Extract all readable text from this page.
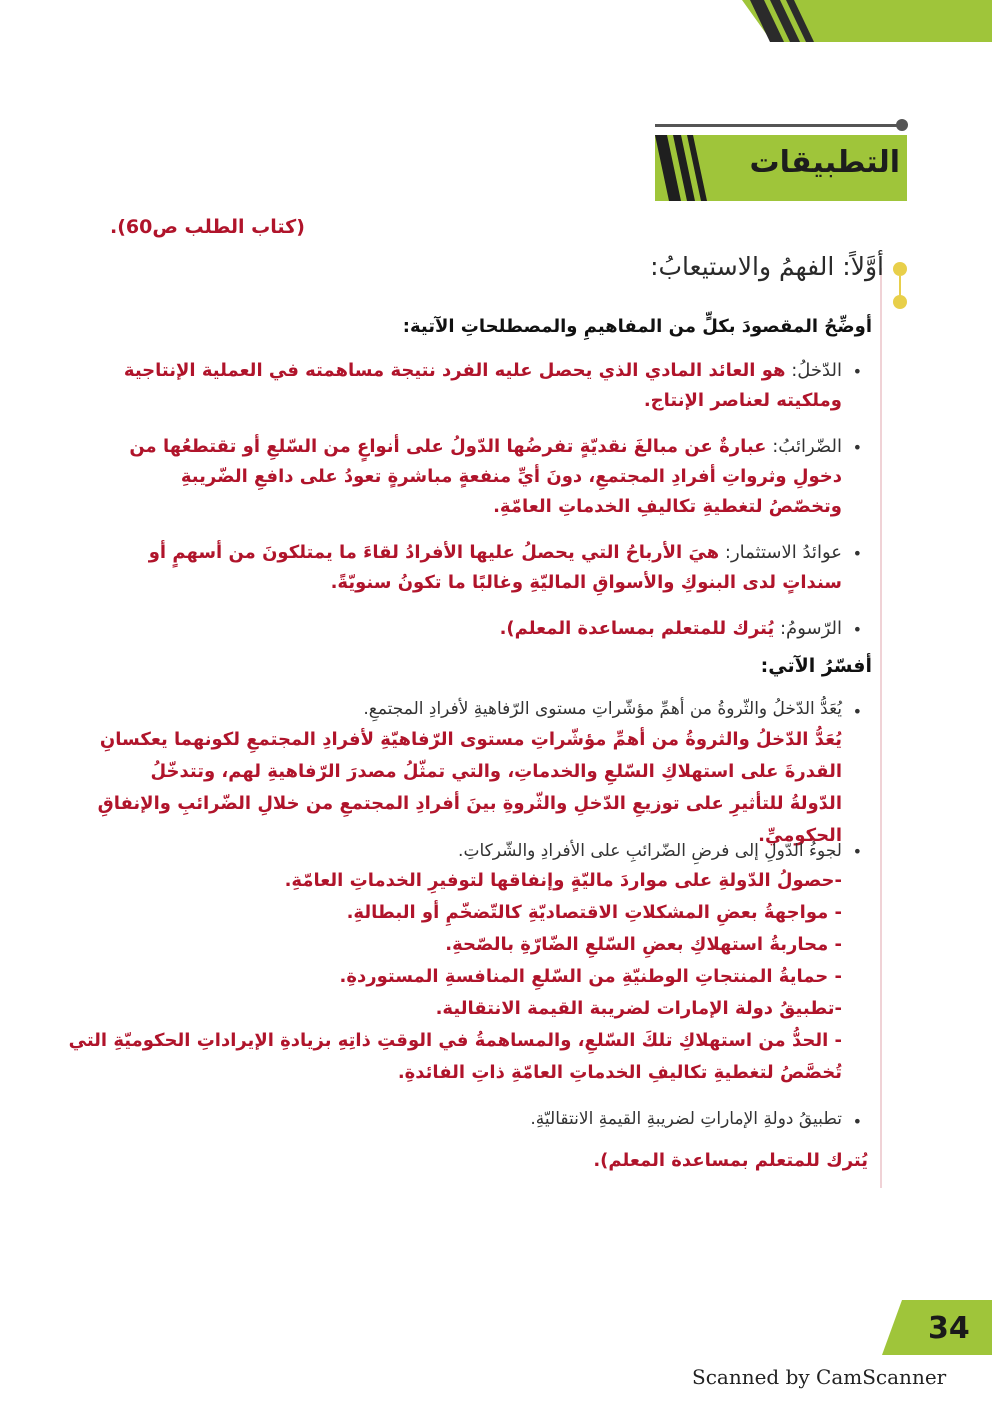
التطبيقات
(كتاب الطلب ص60).
أوَّلاً: الفهمُ والاستيعابُ:
أوضِّحُ المقصودَ بكلٍّ من المفاهيمِ والمصطلحاتِ الآتية:
•
الدّخلُ: هو العائد المادي الذي يحصل عليه الفرد نتيجة مساهمته في العملية الإنتاجية وملكيته لعناصر الإنتاج.
•
الضّرائبُ: عبارةٌ عن مبالغَ نقديّةٍ تفرضُها الدّولُ على أنواعٍ من السّلعِ أو تقتطعُها من دخولِ وثرواتِ أفرادِ المجتمعِ، دونَ أيِّ منفعةٍ مباشرةٍ تعودُ على دافعِ الضّريبةِ وتخصّصُ لتغطيةِ تكاليفِ الخدماتِ العامّةِ.
•
عوائدُ الاستثمار: هيَ الأرباحُ التي يحصلُ عليها الأفرادُ لقاءَ ما يمتلكونَ من أسهمٍ أو سنداتٍ لدى البنوكِ والأسواقِ الماليّةِ وغالبًا ما تكونُ سنويّةً.
•
الرّسومُ: يُترك للمتعلم بمساعدة المعلم).
أفسّرُ الآتي:
•
يُعَدُّ الدّخلُ والثّروةُ من أهمِّ مؤشّراتِ مستوى الرّفاهيةِ لأفرادِ المجتمعِ.
يُعَدُّ الدّخلُ والثروةُ من أهمِّ مؤشّراتِ مستوى الرّفاهيّةِ لأفرادِ المجتمعِ لكونهما يعكسانِ القدرةَ على استهلاكِ السّلعِ والخدماتِ، والتي تمثّلُ مصدرَ الرّفاهيةِ لهم، وتتدخّلُ الدّولةُ للتأثيرِ على توزيعِ الدّخلِ والثّروةِ بينَ أفرادِ المجتمعِ من خلالِ الضّرائبِ والإنفاقِ الحكوميِّ.
•
لجوءُ الدّولِ إلى فرضِ الضّرائبِ على الأفرادِ والشّركاتِ.
-حصولُ الدّولةِ على مواردَ ماليّةٍ وإنفاقها لتوفيرِ الخدماتِ العامّةِ.
- مواجهةُ بعضِ المشكلاتِ الاقتصاديّةِ كالتّضخّمِ أو البطالةِ.
- محاربةُ استهلاكِ بعضِ السّلعِ الضّارّةِ بالصّحةِ.
- حمايةُ المنتجاتِ الوطنيّةِ من السّلعِ المنافسةِ المستوردةِ.
-تطبيقُ دولة الإمارات لضريبة القيمة الانتقالية.
- الحدُّ من استهلاكِ تلكَ السّلعِ، والمساهمةُ في الوقتِ ذاتِهِ بزيادةِ الإيراداتِ الحكوميّةِ التي
تُخصَّصُ لتغطيةِ تكاليفِ الخدماتِ العامّةِ ذاتِ الفائدةِ.
•
تطبيقُ دولةِ الإماراتِ لضريبةِ القيمةِ الانتقاليّةِ.
يُترك للمتعلم بمساعدة المعلم).
34
Scanned by CamScanner
